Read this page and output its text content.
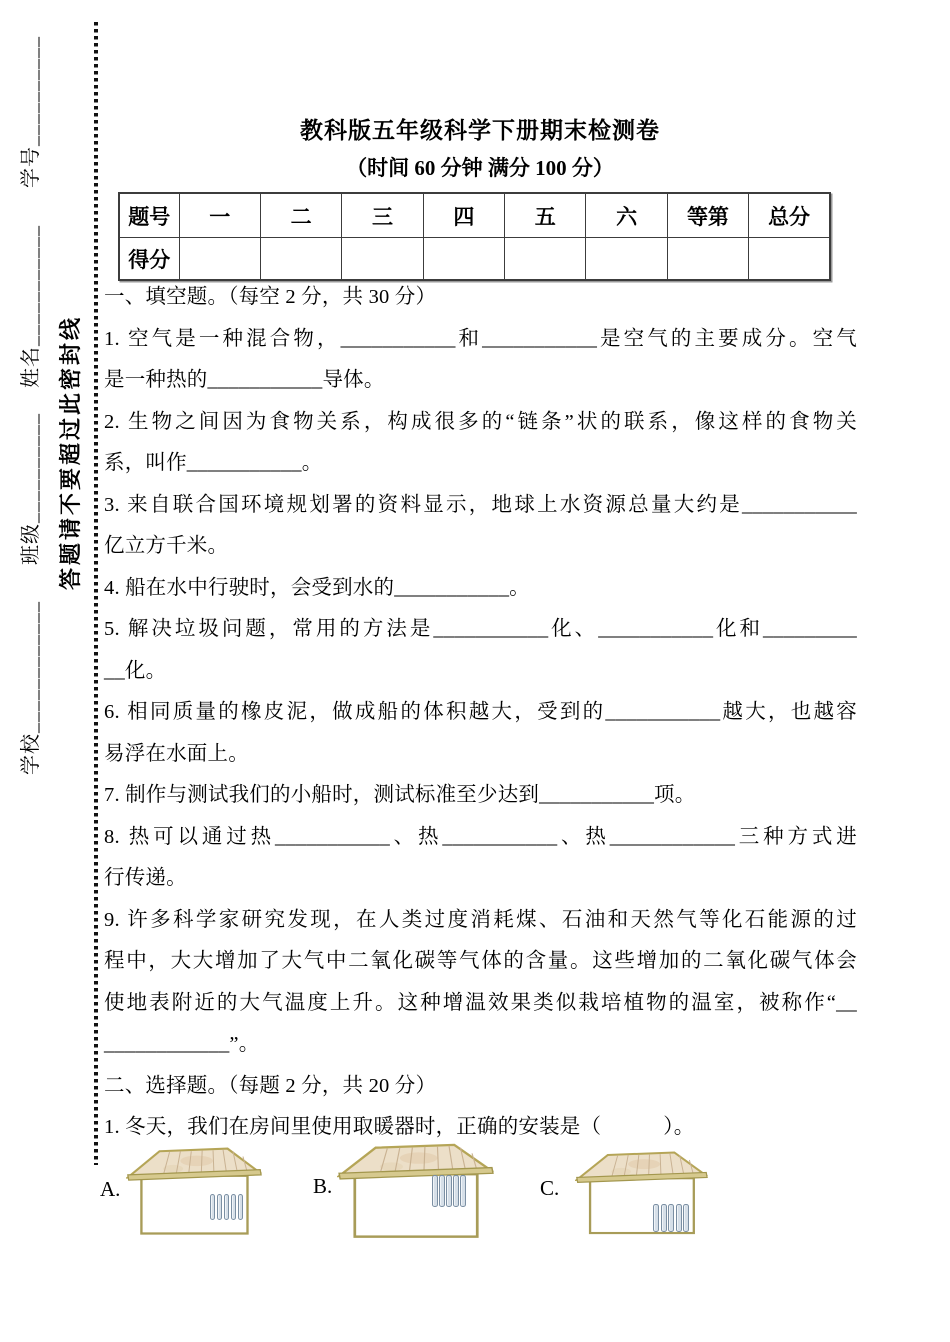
学号__________
姓名___________
班级__________
学校____________
答题请不要超过此密封线
教科版五年级科学下册期末检测卷
（时间 60 分钟 满分 100 分）
题号	一	二	三	四	五	六	等第	总分
得分								
一、填空题。（每空 2 分，共 30 分）
1. 空气是一种混合物，___________和___________是空气的主要成分。空气
是一种热的___________导体。
2. 生物之间因为食物关系，构成很多的“链条”状的联系，像这样的食物关
系，叫作___________。
3. 来自联合国环境规划署的资料显示，地球上水资源总量大约是___________
亿立方千米。
4. 船在水中行驶时，会受到水的___________。
5. 解决垃圾问题，常用的方法是___________化、___________化和_________
__化。
6. 相同质量的橡皮泥，做成船的体积越大，受到的___________越大，也越容
易浮在水面上。
7. 制作与测试我们的小船时，测试标准至少达到___________项。
8. 热可以通过热___________、热___________、热____________三种方式进
行传递。
9. 许多科学家研究发现，在人类过度消耗煤、石油和天然气等化石能源的过
程中，大大增加了大气中二氧化碳等气体的含量。这些增加的二氧化碳气体会
使地表附近的大气温度上升。这种增温效果类似栽培植物的温室，被称作“__
____________”。
二、选择题。（每题 2 分，共 20 分）
1. 冬天，我们在房间里使用取暖器时，正确的安装是（　　　）。
A.	B.	C.
